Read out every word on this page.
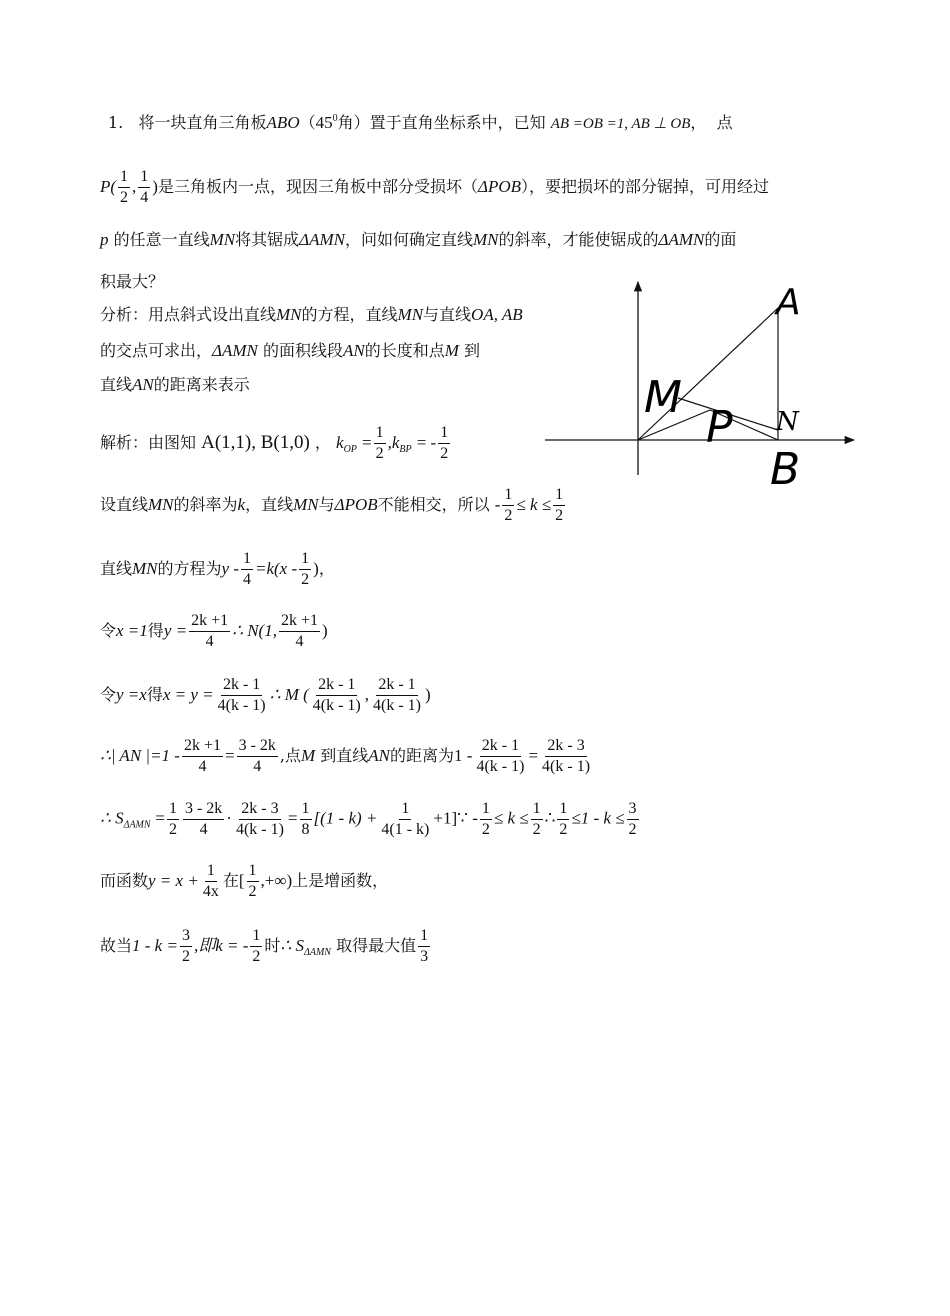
1. 将一块直角三角板$ABO(45^0$角）置于直角坐标系中，已知 AB =OB =1, AB ⊥ OB， 点
$P( \frac{1}{2}$ , $\frac{1}{4}$ )是三角板内一点，现因三角板中部分受损坏（ΔPOB），要把损坏的部分锯掉，可用经过
p 的任意一直线MN将其锯成ΔAMN，问如何确定直线MN的斜率，才能使锯成的ΔAMN的面
积最大？
分析：用点斜式设出直线MN的方程，直线MN与直线OA, AB
的交点可求出，ΔAMN 的面积线段AN的长度和点M 到
直线AN的距离来表示
解析：由图知 A(1,1), B(1,0) ， $k_{OP} = \frac{1}{2} ,k_{BP}$ = - $\frac{1}{2}$
设直线MN的斜率为k，直线MN与ΔPOB不能相交，所以 - $\frac{1}{2} \le k \le \frac{1}{2}$
直线MN的方程为$y - \frac{1}{4} =k(x - \frac{1}{2}$ )，
令x =1得$y = \frac{2k +1}{4}$ ∴ N(1, $\frac{2k +1}{4}$ )
令y =x得$x = y = \frac{2k - 1}{4(k - 1)}$ ∴ M ( $\frac{2k - 1}{4(k - 1)}$ , $\frac{2k - 1}{4(k - 1)}$ )
∴| AN $|=1 - \frac{2k +1}{4} = \frac{3 - 2k}{4}$ ,点M 到直线AN的距离为$1 - \frac{2k - 1}{4(k - 1)} = \frac{2k - 3}{4(k - 1)}$
∴ $S_{\Delta AMN} = \frac{1}{2} \frac{3 - 2k}{4} \cdot \frac{2k - 3}{4(k - 1)} = \frac{1}{8} [(1 - k) + \frac{1}{4(1 - k)}$ +1]∵ - $\frac{1}{2} \le k \le \frac{1}{2}$ ∴ $\frac{1}{2} \le 1 - k \le \frac{3}{2}$
而函数$y = x + \frac{1}{4x}$ 在[ $\frac{1}{2}$ ,+∞)上是增函数，
故当$1 - k = \frac{3}{2}$ ,即k = - $\frac{1}{2}$ 时∴ $S_{\Delta AMN}$ 取得最大值 $\frac{1}{3}$
A
M
P N
B
